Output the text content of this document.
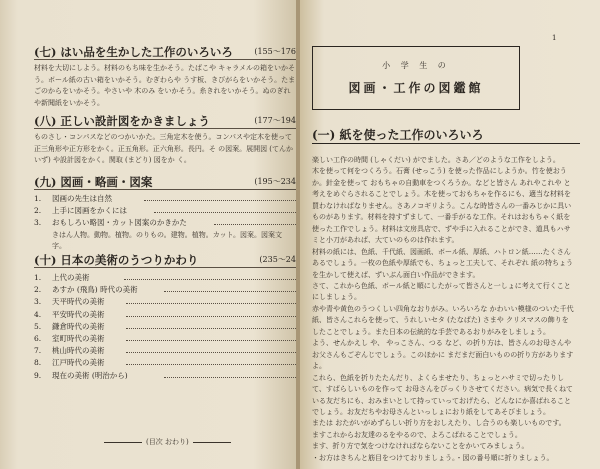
(七) はい品を生かした工作のいろいろ	(155～176
材料を大切にしよう。材料のもち味を生かそう。たばこや キャラメルの箱をいかそう。ボール紙の古い箱をいかそう。むぎわらや うす板、きびがらをいかそう。たまごのからをいかそう。やさいや 木のみ をいかそう。糸きれをいかそう。ぬのぎれや新聞紙をいかそう。
(八) 正しい設計図をかきましょう	(177～194
ものさし・コンパスなどのつかいかた。三角定木を使う。コンパスや定木を使って 正三角形や正方形をかく。正五角形。正六角形。長円。そ の図案。展開図 (てんかいず) や設計図をかく。関取 (まどり) 図をか く。
(九) 図画・略画・図案	(195～234
1. 図画の先生は自然
2. 上手に図画をかくには
3. おもしろい略図・カット図案のかきかた
きはん人物。動物。植物。のりもの。建物。植物。カット。図案。図案文字。
(十) 日本の美術のうつりかわり	(235～24
1. 上代の美術
2. あすか (飛鳥) 時代の美術
3. 天平時代の美術
4. 平安時代の美術
5. 鎌倉時代の美術
6. 室町時代の美術
7. 桃山時代の美術
8. 江戸時代の美術
9. 現在の美術 (明治から)
(目次 おわり)
1
小 学 生 の
図画・工作の図鑑館
(一) 紙を使った工作のいろいろ

楽しい工作の時間 (しゃくだい) がでました。さあ／どのような工作をしよう。

木を使って何をつくろう。石膏 (せっこう) を使った作品にしようか。竹を使おうか。針金を使って おもちゃの自動車をつくろうか。などと皆さん あれやこれや と考えをめぐらされることでしょう。木を使っておもちゃを作るにも、適当な材料を買わなければなりません。さあノコギリよう。こんな時皆さんの一番みじかに具いものがあります。材料を持すずまして、一番手がるな工作。それはおもちゃく紙を使った工作でしょう。材料は文房具店で、ずや手に入れることができ、道具もハサミと小刀があれば、大ていのものは作れます。

材料の紙には、色紙、千代紙、図画紙、ボール紙、厚紙、ハトロン紙……たくさんあるでしょう。一枚の色紙や厚紙でも、ちょっと工夫して、それぞれ 紙の特ちょうを生かして使えば、ずいぶん面白い作品ができます。

さて、これから色紙、ボール紙と順にしたがって皆さんと一しょに考えて行くことにしましょう。

赤や青や黄色のうつくしい四角なおりがみ。いろいろな かわいい模様のついた千代紙、皆さんこれらを使って、うれしいセタ (たなばた) さまや クリスマスの飾りをしたことでしょう。また日本の伝統的な手芸であるおりがみをしましょう。

よう、せんかえし や、 やっこさん、つる など、の折り方は、皆さんのお母さんやお父さんもごぞんじでしょう。このほかに まだまだ面白いものの折り方がありますよ。

これら、色紙を折りたたんだり、よくらませたり、ちょっとハサミで切ったりして、すばらしいものを作って お母さんをびっくりさせてください。病気で長くねている友だちにも、おみまいとして持っていっておげたら、どんなにか喜ばれることでしょう。お友だちやお母さんといっしょにおり紙をしてあそびましょう。

または おたがいがめずらしい折り方をおしえたり、し合うのも楽しいものです。

ますこれからお友達のるをやるので、よろこばれることでしょう。

ます、折り方で気をつけなければならないことをかいてみましょう。

・お方はきちんと筋目をつけておりましょう。・図の番号順に折りましょう。
